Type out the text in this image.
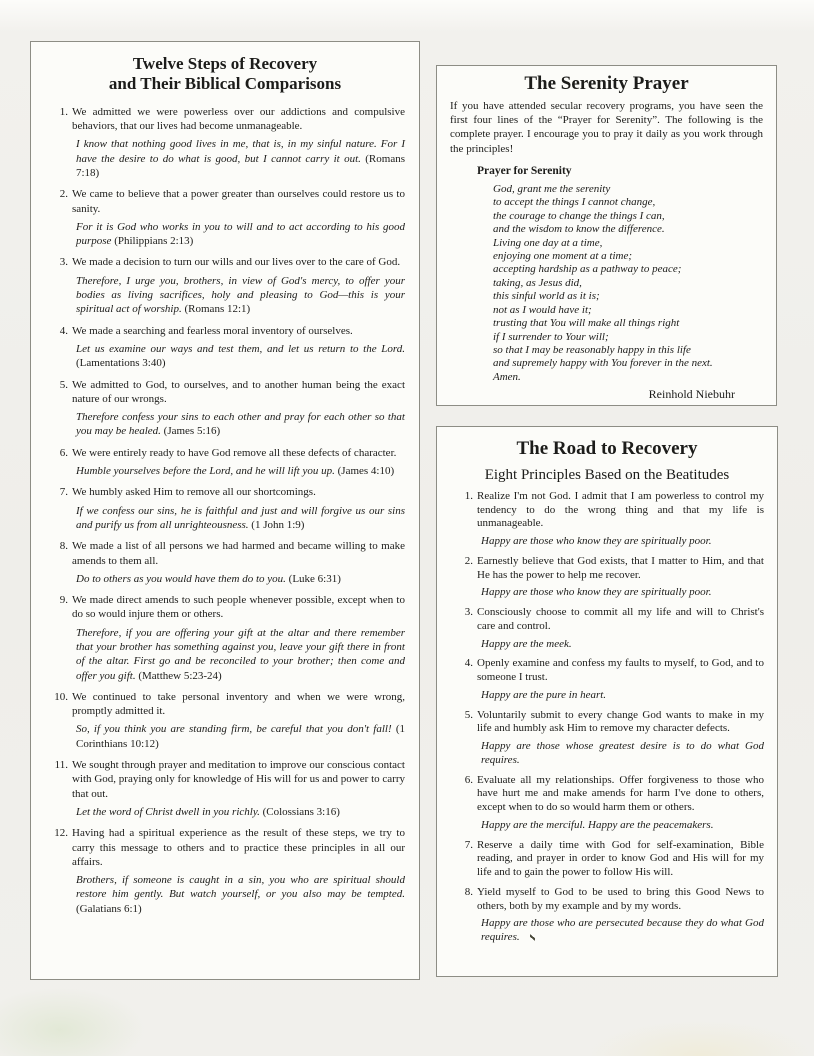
Twelve Steps of Recovery
and Their Biblical Comparisons

1. We admitted we were powerless over our addictions and compulsive behaviors, that our lives had become unmanageable.

I know that nothing good lives in me, that is, in my sinful nature. For I have the desire to do what is good, but I cannot carry it out. (Romans 7:18)

2. We came to believe that a power greater than ourselves could restore us to sanity.

For it is God who works in you to will and to act according to his good purpose (Philippians 2:13)

3. We made a decision to turn our wills and our lives over to the care of God.

Therefore, I urge you, brothers, in view of God's mercy, to offer your bodies as living sacrifices, holy and pleasing to God—this is your spiritual act of worship. (Romans 12:1)

4. We made a searching and fearless moral inventory of ourselves.

Let us examine our ways and test them, and let us return to the Lord. (Lamentations 3:40)

5. We admitted to God, to ourselves, and to another human being the exact nature of our wrongs.

Therefore confess your sins to each other and pray for each other so that you may be healed. (James 5:16)

6. We were entirely ready to have God remove all these defects of character.

Humble yourselves before the Lord, and he will lift you up. (James 4:10)

7. We humbly asked Him to remove all our shortcomings.

If we confess our sins, he is faithful and just and will forgive us our sins and purify us from all unrighteousness. (1 John 1:9)

8. We made a list of all persons we had harmed and became willing to make amends to them all.

Do to others as you would have them do to you. (Luke 6:31)

9. We made direct amends to such people whenever possible, except when to do so would injure them or others.

Therefore, if you are offering your gift at the altar and there remember that your brother has something against you, leave your gift there in front of the altar. First go and be reconciled to your brother; then come and offer you gift. (Matthew 5:23-24)

10. We continued to take personal inventory and when we were wrong, promptly admitted it.

So, if you think you are standing firm, be careful that you don't fall! (1 Corinthians 10:12)

11. We sought through prayer and meditation to improve our conscious contact with God, praying only for knowledge of His will for us and power to carry that out.

Let the word of Christ dwell in you richly. (Colossians 3:16)

12. Having had a spiritual experience as the result of these steps, we try to carry this message to others and to practice these principles in all our affairs.

Brothers, if someone is caught in a sin, you who are spiritual should restore him gently. But watch yourself, or you also may be tempted. (Galatians 6:1)

The Serenity Prayer

If you have attended secular recovery programs, you have seen the first four lines of the “Prayer for Serenity”. The following is the complete prayer. I encourage you to pray it daily as you work through the principles!

Prayer for Serenity
God, grant me the serenity
to accept the things I cannot change,
the courage to change the things I can,
and the wisdom to know the difference.
Living one day at a time,
enjoying one moment at a time;
accepting hardship as a pathway to peace;
taking, as Jesus did,
this sinful world as it is;
not as I would have it;
trusting that You will make all things right
if I surrender to Your will;
so that I may be reasonably happy in this life
and supremely happy with You forever in the next.
Amen.
Reinhold Niebuhr
The Road to Recovery
Eight Principles Based on the Beatitudes

1. Realize I'm not God. I admit that I am powerless to control my tendency to do the wrong thing and that my life is unmanageable.

Happy are those who know they are spiritually poor.

2. Earnestly believe that God exists, that I matter to Him, and that He has the power to help me recover.

Happy are those who know they are spiritually poor.

3. Consciously choose to commit all my life and will to Christ's care and control.

Happy are the meek.

4. Openly examine and confess my faults to myself, to God, and to someone I trust.

Happy are the pure in heart.

5. Voluntarily submit to every change God wants to make in my life and humbly ask Him to remove my character defects.

Happy are those whose greatest desire is to do what God requires.

6. Evaluate all my relationships. Offer forgiveness to those who have hurt me and make amends for harm I've done to others, except when to do so would harm them or others.

Happy are the merciful. Happy are the peacemakers.

7. Reserve a daily time with God for self-examination, Bible reading, and prayer in order to know God and His will for my life and to gain the power to follow His will.

8. Yield myself to God to be used to bring this Good News to others, both by my example and by my words.

Happy are those who are persecuted because they do what God requires.
